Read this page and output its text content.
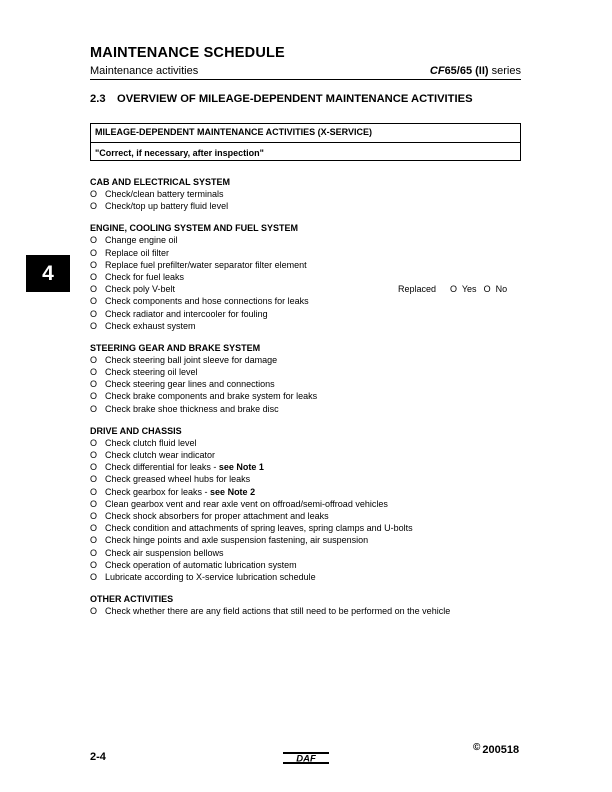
MAINTENANCE SCHEDULE
Maintenance activities	CF65/65 (II) series
2.3 OVERVIEW OF MILEAGE-DEPENDENT MAINTENANCE ACTIVITIES
MILEAGE-DEPENDENT MAINTENANCE ACTIVITIES (X-SERVICE)
"Correct, if necessary, after inspection"
CAB AND ELECTRICAL SYSTEM
O Check/clean battery terminals
O Check/top up battery fluid level
ENGINE, COOLING SYSTEM AND FUEL SYSTEM
O Change engine oil
O Replace oil filter
O Replace fuel prefilter/water separator filter element
O Check for fuel leaks
O Check poly V-belt	Replaced O  Yes O  No
O Check components and hose connections for leaks
O Check radiator and intercooler for fouling
O Check exhaust system
STEERING GEAR AND BRAKE SYSTEM
O Check steering ball joint sleeve for damage
O Check steering oil level
O Check steering gear lines and connections
O Check brake components and brake system for leaks
O Check brake shoe thickness and brake disc
DRIVE AND CHASSIS
O Check clutch fluid level
O Check clutch wear indicator
O Check differential for leaks - see Note 1
O Check greased wheel hubs for leaks
O Check gearbox for leaks - see Note 2
O Clean gearbox vent and rear axle vent on offroad/semi-offroad vehicles
O Check shock absorbers for proper attachment and leaks
O Check condition and attachments of spring leaves, spring clamps and U-bolts
O Check hinge points and axle suspension fastening, air suspension
O Check air suspension bellows
O Check operation of automatic lubrication system
O Lubricate according to X-service lubrication schedule
OTHER ACTIVITIES
O Check whether there are any field actions that still need to be performed on the vehicle
4
2-4	DAF
© 200518
